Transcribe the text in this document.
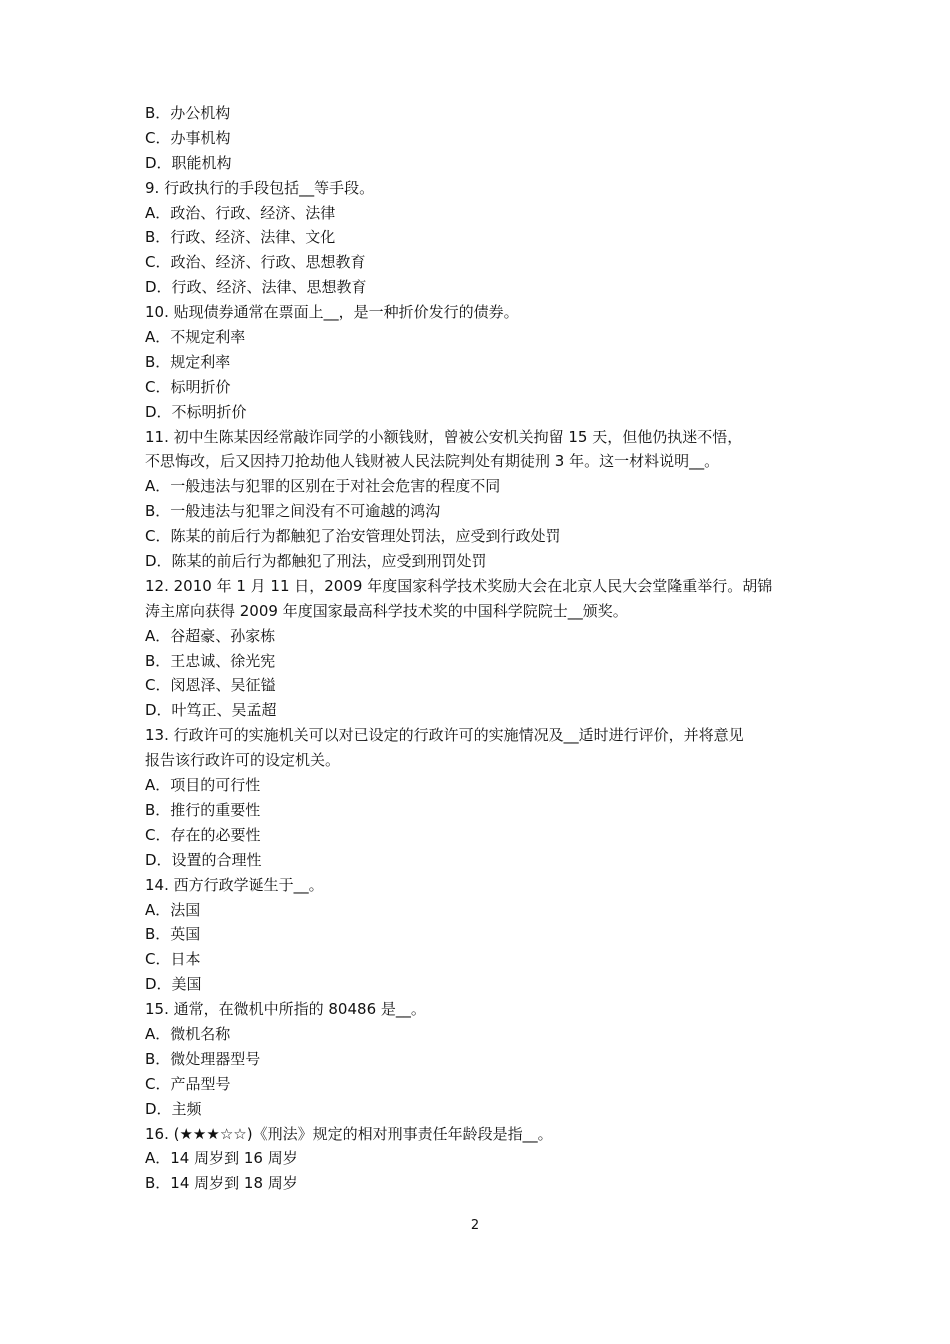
B．办公机构
C．办事机构
D．职能机构
9. 行政执行的手段包括__等手段。
A．政治、行政、经济、法律
B．行政、经济、法律、文化
C．政治、经济、行政、思想教育
D．行政、经济、法律、思想教育
10. 贴现债券通常在票面上__，是一种折价发行的债券。
A．不规定利率
B．规定利率
C．标明折价
D．不标明折价
11. 初中生陈某因经常敲诈同学的小额钱财，曾被公安机关拘留 15 天，但他仍执迷不悟，
不思悔改，后又因持刀抢劫他人钱财被人民法院判处有期徒刑 3 年。这一材料说明__。
A．一般违法与犯罪的区别在于对社会危害的程度不同
B．一般违法与犯罪之间没有不可逾越的鸿沟
C．陈某的前后行为都触犯了治安管理处罚法，应受到行政处罚
D．陈某的前后行为都触犯了刑法，应受到刑罚处罚
12. 2010 年 1 月 11 日，2009 年度国家科学技术奖励大会在北京人民大会堂隆重举行。胡锦
涛主席向获得 2009 年度国家最高科学技术奖的中国科学院院士__颁奖。
A．谷超豪、孙家栋
B．王忠诚、徐光宪
C．闵恩泽、吴征镒
D．叶笃正、吴孟超
13. 行政许可的实施机关可以对已设定的行政许可的实施情况及__适时进行评价，并将意见
报告该行政许可的设定机关。
A．项目的可行性
B．推行的重要性
C．存在的必要性
D．设置的合理性
14. 西方行政学诞生于__。
A．法国
B．英国
C．日本
D．美国
15. 通常，在微机中所指的 80486 是__。
A．微机名称
B．微处理器型号
C．产品型号
D．主频
16. (★★★☆☆)《刑法》规定的相对刑事责任年龄段是指__。
A．14 周岁到 16 周岁
B．14 周岁到 18 周岁
2
